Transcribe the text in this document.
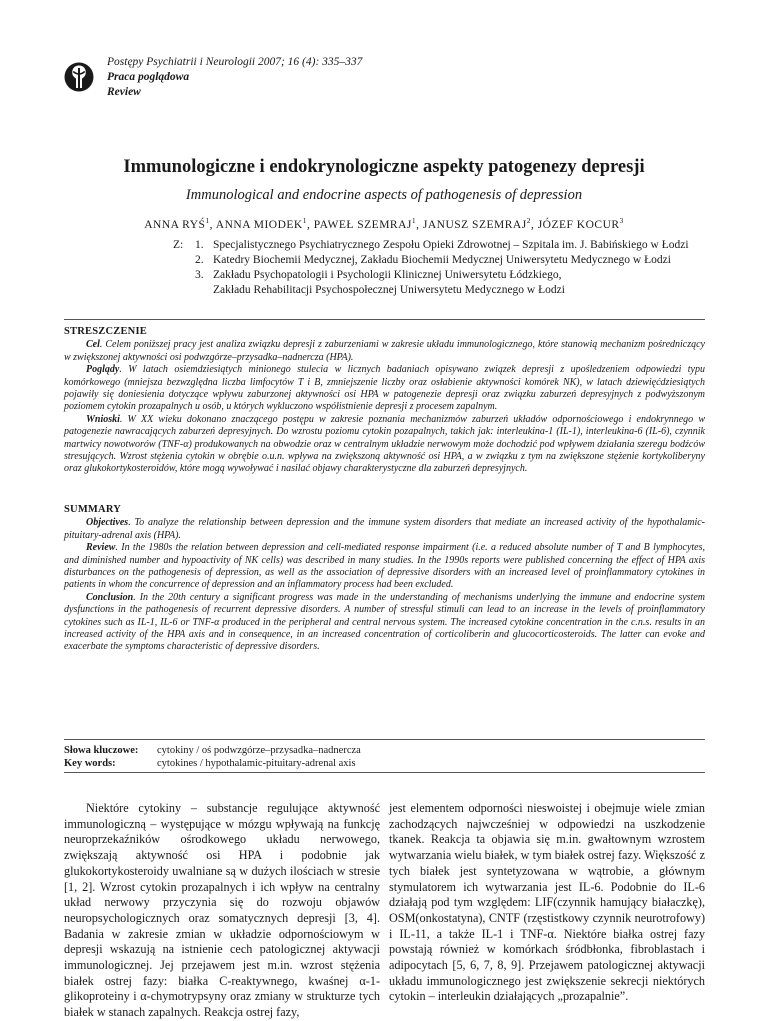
Postępy Psychiatrii i Neurologii 2007; 16 (4): 335–337
Praca poglądowa
Review
Immunologiczne i endokrynologiczne aspekty patogenezy depresji
Immunological and endocrine aspects of pathogenesis of depression
ANNA RYŚ$^1$, ANNA MIODEK$^1$, PAWEŁ SZEMRAJ$^1$, JANUSZ SZEMRAJ$^2$, JÓZEF KOCUR$^3$
Z:	1. Specjalistycznego Psychiatrycznego Zespołu Opieki Zdrowotnej – Szpitala im. J. Babińskiego w Łodzi
2. Katedry Biochemii Medycznej, Zakładu Biochemii Medycznej Uniwersytetu Medycznego w Łodzi
3. Zakładu Psychopatologii i Psychologii Klinicznej Uniwersytetu Łódzkiego,
Zakładu Rehabilitacji Psychospołecznej Uniwersytetu Medycznego w Łodzi
STRESZCZENIE

Cel. Celem poniższej pracy jest analiza związku depresji z zaburzeniami w zakresie układu immunologicznego, które stanowią mechanizm pośredniczący w zwiększonej aktywności osi podwzgórze–przysadka–nadnercza (HPA).

Poglądy. W latach osiemdziesiątych minionego stulecia w licznych badaniach opisywano związek depresji z upośledzeniem odpowiedzi typu komórkowego (mniejsza bezwzględna liczba limfocytów T i B, zmniejszenie liczby oraz osłabienie aktywności komórek NK), w latach dziewięćdziesiątych pojawiły się doniesienia dotyczące wpływu zaburzonej aktywności osi HPA w patogenezie depresji oraz związku zaburzeń depresyjnych z podwyższonym poziomem cytokin prozapalnych u osób, u których wykluczono współistnienie depresji z procesem zapalnym.

Wnioski. W XX wieku dokonano znaczącego postępu w zakresie poznania mechanizmów zaburzeń układów odpornościowego i endokrynnego w patogenezie nawracających zaburzeń depresyjnych. Do wzrostu poziomu cytokin pozapalnych, takich jak: interleukina-1 (IL-1), interleukina-6 (IL-6), czynnik martwicy nowotworów (TNF-α) produkowanych na obwodzie oraz w centralnym układzie nerwowym może dochodzić pod wpływem działania szeregu bodźców stresujących. Wzrost stężenia cytokin w obrębie o.u.n. wpływa na zwiększoną aktywność osi HPA, a w związku z tym na zwiększone stężenie kortykoliberyny oraz glukokortykosteroidów, które mogą wywoływać i nasilać objawy charakterystyczne dla zaburzeń depresyjnych.

SUMMARY

Objectives. To analyze the relationship between depression and the immune system disorders that mediate an increased activity of the hypothalamic-pituitary-adrenal axis (HPA).

Review. In the 1980s the relation between depression and cell-mediated response impairment (i.e. a reduced absolute number of T and B lymphocytes, and diminished number and hypoactivity of NK cells) was described in many studies. In the 1990s reports were published concerning the effect of HPA axis disturbances on the pathogenesis of depression, as well as the association of depressive disorders with an increased level of proinflammatory cytokines in patients in whom the concurrence of depression and an inflammatory process had been excluded.

Conclusion. In the 20th century a significant progress was made in the understanding of mechanisms underlying the immune and endocrine system dysfunctions in the pathogenesis of recurrent depressive disorders. A number of stressful stimuli can lead to an increase in the levels of proinflammatory cytokines such as IL-1, IL-6 or TNF-α produced in the peripheral and central nervous system. The increased cytokine concentration in the c.n.s. results in an increased activity of the HPA axis and in consequence, in an increased concentration of corticoliberin and glucocorticosteroids. The latter can evoke and exacerbate the symptoms characteristic of depressive disorders.

Słowa kluczowe:	cytokiny / oś podwzgórze–przysadka–nadnercza
Key words:	cytokines / hypothalamic-pituitary-adrenal axis

Niektóre cytokiny – substancje regulujące aktywność immunologiczną – występujące w mózgu wpływają na funkcję neuroprzekaźników ośrodkowego układu nerwowego, zwiększają aktywność osi HPA i podobnie jak glukokortykosteroidy uwalniane są w dużych ilościach w stresie [1, 2]. Wzrost cytokin prozapalnych i ich wpływ na centralny układ nerwowy przyczynia się do rozwoju objawów neuropsychologicznych oraz somatycznych depresji [3, 4]. Badania w zakresie zmian w układzie odpornościowym w depresji wskazują na istnienie cech patologicznej aktywacji immunologicznej. Jej przejawem jest m.in. wzrost stężenia białek ostrej fazy: białka C-reaktywnego, kwaśnej α-1-glikoproteiny i α-chymotrypsyny oraz zmiany w strukturze tych białek w stanach zapalnych. Reakcja ostrej fazy,

jest elementem odporności nieswoistej i obejmuje wiele zmian zachodzących najwcześniej w odpowiedzi na uszkodzenie tkanek. Reakcja ta objawia się m.in. gwałtownym wzrostem wytwarzania wielu białek, w tym białek ostrej fazy. Większość z tych białek jest syntetyzowana w wątrobie, a głównym stymulatorem ich wytwarzania jest IL-6. Podobnie do IL-6 działają pod tym względem: LIF(czynnik hamujący białaczkę), OSM(onkostatyna), CNTF (rzęstistkowy czynnik neurotrofowy) i IL-11, a także IL-1 i TNF-α. Niektóre białka ostrej fazy powstają również w komórkach śródbłonka, fibroblastach i adipocytach [5, 6, 7, 8, 9]. Przejawem patologicznej aktywacji układu immunologicznego jest zwiększenie sekrecji niektórych cytokin – interleukin działających „prozapalnie”.
